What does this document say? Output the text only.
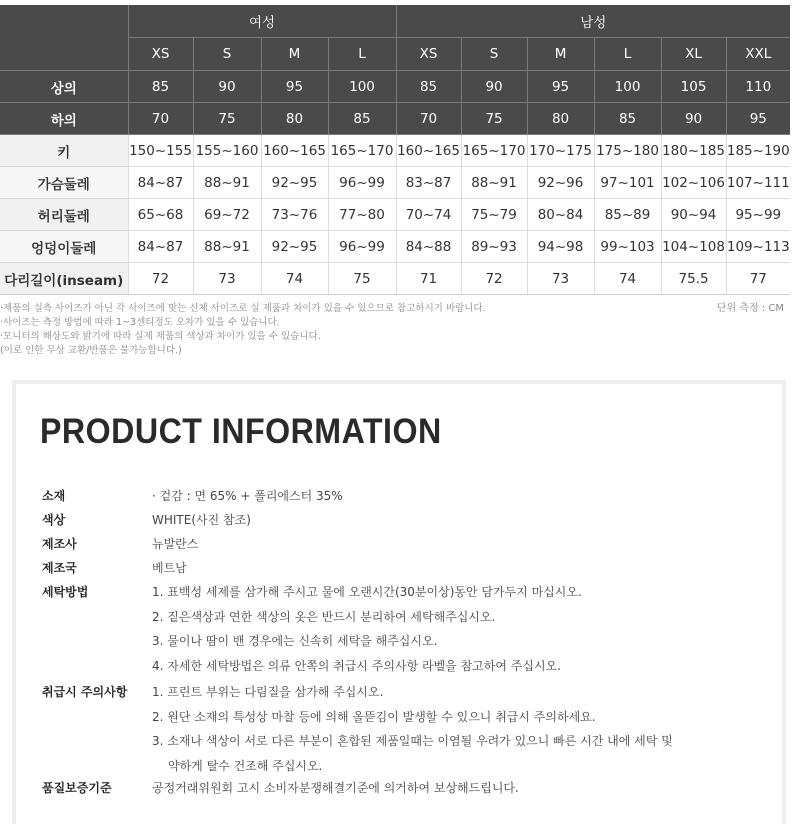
	여성				남성					
	XS	S	M	L	XS	S	M	L	XL	XXL
상의	85	90	95	100	85	90	95	100	105	110
하의	70	75	80	85	70	75	80	85	90	95
키	150~155	155~160	160~165	165~170	160~165	165~170	170~175	175~180	180~185	185~190
가슴둘레	84~87	88~91	92~95	96~99	83~87	88~91	92~96	97~101	102~106	107~111
허리둘레	65~68	69~72	73~76	77~80	70~74	75~79	80~84	85~89	90~94	95~99
엉덩이둘레	84~87	88~91	92~95	96~99	84~88	89~93	94~98	99~103	104~108	109~113
다리길이(inseam)	72	73	74	75	71	72	73	74	75.5	77
·제품의 실측 사이즈가 아닌 각 사이즈에 맞는 신체 사이즈로 실 제품과 차이가 있을 수 있으므로 참고하시기 바랍니다.
·사이즈는 측정 방법에 따라 1~3센티정도 오차가 있을 수 있습니다.
·모니터의 해상도와 밝기에 따라 실제 제품의 색상과 차이가 있을 수 있습니다.
(이로 인한 무상 교환/반품은 불가능합니다.)
단위 측정 : CM
PRODUCT INFORMATION
소재	· 겉감 : 면 65% + 폴리에스터 35%
색상	WHITE(사진 참조)
제조사	뉴발란스
제조국	베트남
세탁방법	1. 표백성 세제를 삼가해 주시고 물에 오랜시간(30분이상)동안 담가두지 마십시오.
2. 짙은색상과 연한 색상의 옷은 반드시 분리하여 세탁해주십시오.
3. 물이나 땀이 밴 경우에는 신속히 세탁을 해주십시오.
4. 자세한 세탁방법은 의류 안쪽의 취급시 주의사항 라벨을 참고하여 주십시오.
취급시 주의사항 1. 프린트 부위는 다림질을 삼가해 주십시오.
2. 원단 소재의 특성상 마찰 등에 의해 올뜯김이 발생할 수 있으니 취급시 주의하세요.
3. 소재나 색상이 서로 다른 부분이 혼합된 제품일때는 이염될 우려가 있으니 빠른 시간 내에 세탁 및
약하게 탈수 건조해 주십시오.
품질보증기준	공정거래위원회 고시 소비자분쟁해결기준에 의거하여 보상해드립니다.
